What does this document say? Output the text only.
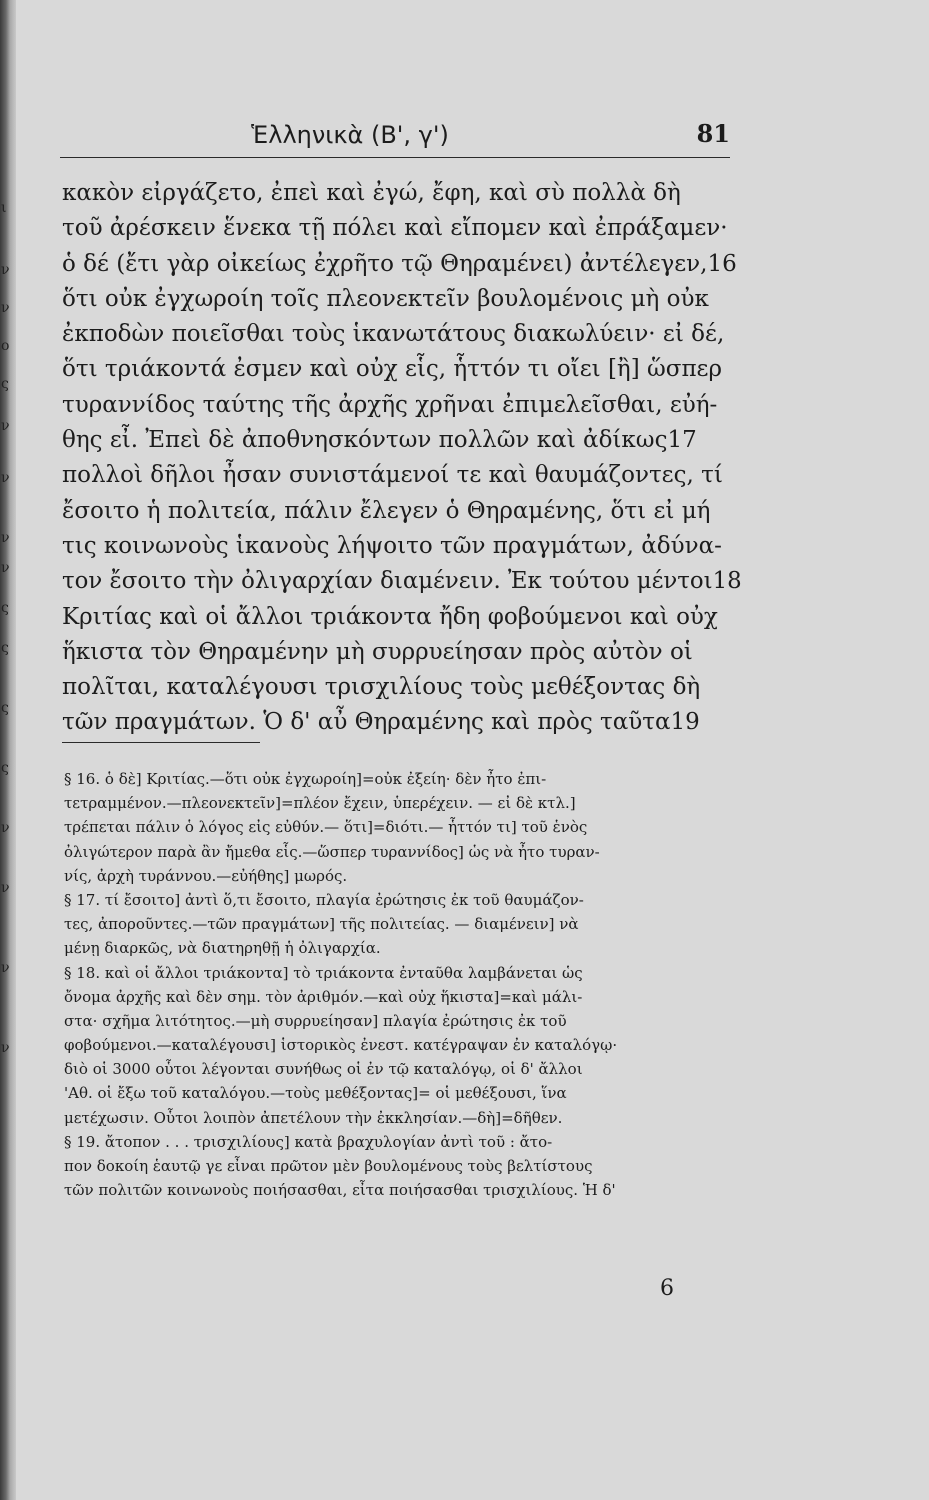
ι
ν
ν
ο
ς
ν
ν
ν
ν
ς
ς
ς
ς
ν
ν
ν
ν
Ἑλληνικὰ (Β', γ')	81
κακὸν εἰργάζετο, ἐπεὶ καὶ ἐγώ, ἔφη, καὶ σὺ πολλὰ δὴ
τοῦ ἀρέσκειν ἕνεκα τῇ πόλει καὶ εἴπομεν καὶ ἐπράξαμεν·
ὁ δέ (ἔτι γὰρ οἰκείως ἐχρῆτο τῷ Θηραμένει) ἀντέλεγεν,16
ὅτι οὐκ ἐγχωροίη τοῖς πλεονεκτεῖν βουλομένοις μὴ οὐκ
ἐκποδὼν ποιεῖσθαι τοὺς ἱκανωτάτους διακωλύειν· εἰ δέ,
ὅτι τριάκοντά ἐσμεν καὶ οὐχ εἷς, ἧττόν τι οἴει [ἢ] ὥσπερ
τυραννίδος ταύτης τῆς ἀρχῆς χρῆναι ἐπιμελεῖσθαι, εὐή-
θης εἶ. Ἐπεὶ δὲ ἀποθνησκόντων πολλῶν καὶ ἀδίκως17
πολλοὶ δῆλοι ἦσαν συνιστάμενοί τε καὶ θαυμάζοντες, τί
ἔσοιτο ἡ πολιτεία, πάλιν ἔλεγεν ὁ Θηραμένης, ὅτι εἰ μή
τις κοινωνοὺς ἱκανοὺς λήψοιτο τῶν πραγμάτων, ἀδύνα-
τον ἔσοιτο τὴν ὀλιγαρχίαν διαμένειν. Ἐκ τούτου μέντοι18
Κριτίας καὶ οἱ ἄλλοι τριάκοντα ἤδη φοβούμενοι καὶ οὐχ
ἥκιστα τὸν Θηραμένην μὴ συρρυείησαν πρὸς αὐτὸν οἱ
πολῖται, καταλέγουσι τρισχιλίους τοὺς μεθέξοντας δὴ
τῶν πραγμάτων. Ὁ δ' αὖ Θηραμένης καὶ πρὸς ταῦτα19
§ 16. ὁ δὲ] Κριτίας.—ὅτι οὐκ ἐγχωροίη]=οὐκ ἐξείη· δὲν ἦτο ἐπι-
τετραμμένον.—πλεονεκτεῖν]=πλέον ἔχειν, ὑπερέχειν. — εἰ δὲ κτλ.]
τρέπεται πάλιν ὁ λόγος εἰς εὐθύν.— ὅτι]=διότι.— ἧττόν τι] τοῦ ἑνὸς
ὀλιγώτερον παρὰ ἂν ἤμεθα εἷς.—ὥσπερ τυραννίδος] ὡς νὰ ἦτο τυραν-
νίς, ἀρχὴ τυράννου.—εὐήθης] μωρός.
§ 17. τί ἔσοιτο] ἀντὶ ὅ,τι ἔσοιτο, πλαγία ἐρώτησις ἐκ τοῦ θαυμάζον-
τες, ἀποροῦντες.—τῶν πραγμάτων] τῆς πολιτείας. — διαμένειν] νὰ
μένῃ διαρκῶς, νὰ διατηρηθῇ ἡ ὀλιγαρχία.
§ 18. καὶ οἱ ἄλλοι τριάκοντα] τὸ τριάκοντα ἐνταῦθα λαμβάνεται ὡς
ὄνομα ἀρχῆς καὶ δὲν σημ. τὸν ἀριθμόν.—καὶ οὐχ ἥκιστα]=καὶ μάλι-
στα· σχῆμα λιτότητος.—μὴ συρρυείησαν] πλαγία ἐρώτησις ἐκ τοῦ
φοβούμενοι.—καταλέγουσι] ἱστορικὸς ἐνεστ. κατέγραψαν ἐν καταλόγῳ·
διὸ οἱ 3000 οὗτοι λέγονται συνήθως οἱ ἐν τῷ καταλόγῳ, οἱ δ' ἄλλοι
'Αθ. οἱ ἔξω τοῦ καταλόγου.—τοὺς μεθέξοντας]= οἱ μεθέξουσι, ἵνα
μετέχωσιν. Οὗτοι λοιπὸν ἀπετέλουν τὴν ἐκκλησίαν.—δὴ]=δῆθεν.
§ 19. ἄτοπον . . . τρισχιλίους] κατὰ βραχυλογίαν ἀντὶ τοῦ : ἄτο-
πον δοκοίη ἑαυτῷ γε εἶναι πρῶτον μὲν βουλομένους τοὺς βελτίστους
τῶν πολιτῶν κοινωνοὺς ποιήσασθαι, εἶτα ποιήσασθαι τρισχιλίους. Ἡ δ'
6
